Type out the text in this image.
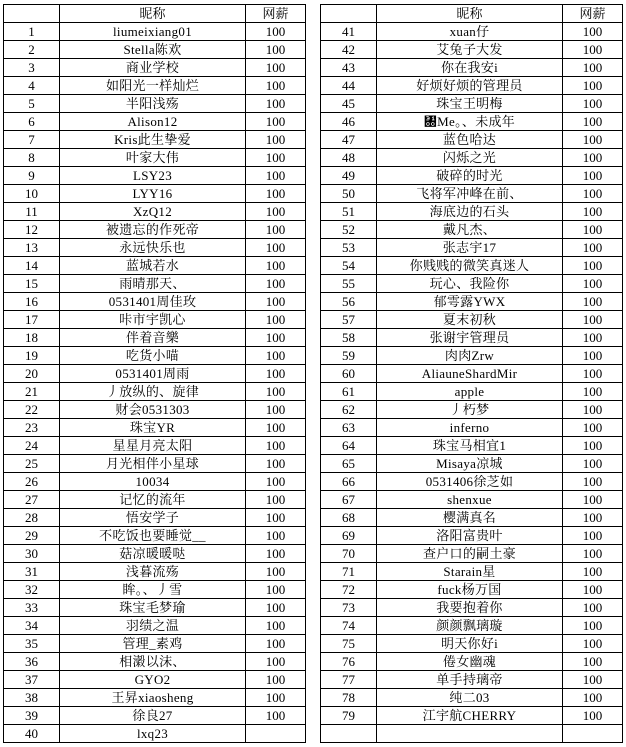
	昵称	网薪			昵称	网薪
1	liumeixiang01	100		41	xuan仔	100
2	Stella陈欢	100		42	艾兔子大发	100
3	商业学校	100		43	你在我安i	100
4	如阳光一样灿烂	100		44	好烦好烦的管理员	100
5	半阳浅殇	100		45	珠宝王明梅	100
6	Alison12	100		46	㄀Me。、未成年	100
7	Kris此生挚爱	100		47	蓝色哈达	100
8	叶家大伟	100		48	闪烁之光	100
9	LSY23	100		49	破碎的时光	100
10	LYY16	100		50	飞将军冲峰在前、	100
11	XzQ12	100		51	海底边的石头	100
12	被遗忘的作死帝	100		52	戴凡杰、	100
13	永远快乐也	100		53	张志宇17	100
14	蓝城若水	100		54	你贱贱的微笑真迷人	100
15	雨晴那天、	100		55	玩心、我险你	100
16	0531401周佳玫	100		56	郁雩露YWX	100
17	咔市宇凯心	100		57	夏末初秋	100
18	伴着音樂	100		58	张谢宇管理员	100
19	吃货小喵	100		59	肉肉Zrw	100
20	0531401周雨	100		60	AliauneShardMir	100
21	丿放纵的、旋律	100		61	apple	100
22	财会0531303	100		62	丿朽梦	100
23	珠宝YR	100		63	inferno	100
24	星星月亮太阳	100		64	珠宝马相宜1	100
25	月光相伴小星球	100		65	Misaya凉城	100
26	10034	100		66	0531406徐芝如	100
27	记忆的流年	100		67	shenxue	100
28	悟安学子	100		68	樱满真名	100
29	不吃饭也要睡觉__	100		69	洛阳富贵叶	100
30	菇凉暖暖哒	100		70	查户口的嗣土豪	100
31	浅暮流殇	100		71	Starain星	100
32	眸。、丿雪	100		72	fuck杨万国	100
33	珠宝毛梦瑜	100		73	我要抱着你	100
34	羽绩之温	100		74	颜颜飘璃璇	100
35	管理_素鸡	100		75	明天你好i	100
36	相濲以沫、	100		76	倦女幽魂	100
37	GYO2	100		77	单手持璃帝	100
38	王昇xiaosheng	100		78	纯二03	100
39	徐良27	100		79	江宇航CHERRY	100
40	lxq23					
